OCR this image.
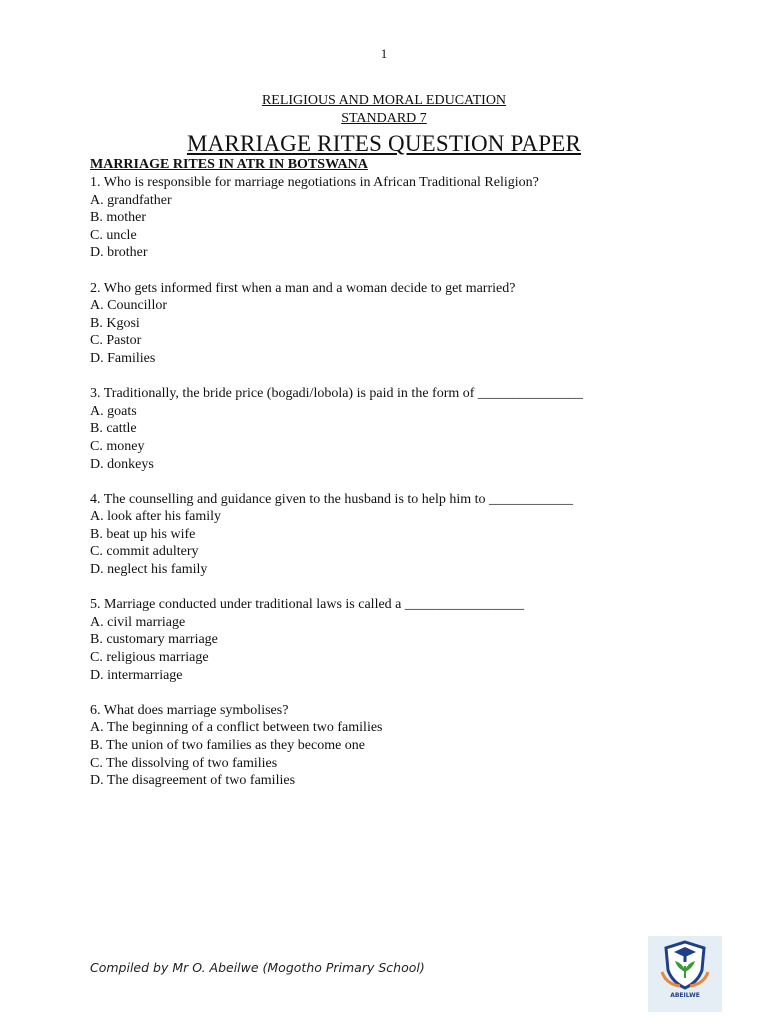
1
RELIGIOUS AND MORAL EDUCATION
STANDARD 7
MARRIAGE RITES QUESTION PAPER
MARRIAGE RITES IN ATR IN BOTSWANA
1. Who is responsible for marriage negotiations in African Traditional Religion?
A. grandfather
B. mother
C. uncle
D. brother
2. Who gets informed first when a man and a woman decide to get married?
A. Councillor
B. Kgosi
C. Pastor
D. Families
3. Traditionally, the bride price (bogadi/lobola) is paid in the form of _______________
A. goats
B. cattle
C. money
D. donkeys
4. The counselling and guidance given to the husband is to help him to ____________
A. look after his family
B. beat up his wife
C. commit adultery
D. neglect his family
5. Marriage conducted under traditional laws is called a _________________
A. civil marriage
B. customary marriage
C. religious marriage
D. intermarriage
6. What does marriage symbolises?
A. The beginning of a conflict between two families
B. The union of two families as they become one
C. The dissolving of two families
D. The disagreement of two families
Compiled by Mr O. Abeilwe (Mogotho Primary School)
ABEILWE
